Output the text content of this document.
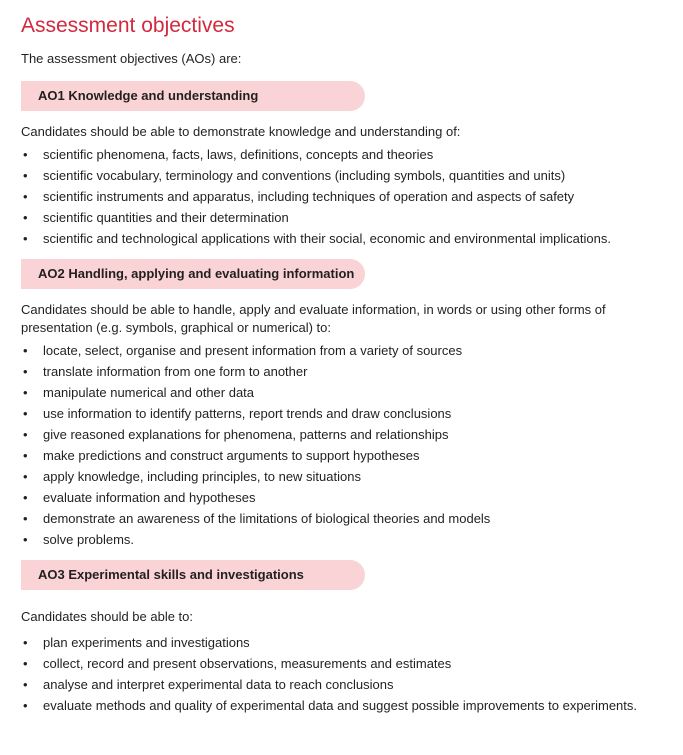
Assessment objectives

The assessment objectives (AOs) are:

AO1 Knowledge and understanding

Candidates should be able to demonstrate knowledge and understanding of:

• scientific phenomena, facts, laws, definitions, concepts and theories
• scientific vocabulary, terminology and conventions (including symbols, quantities and units)
• scientific instruments and apparatus, including techniques of operation and aspects of safety
• scientific quantities and their determination
• scientific and technological applications with their social, economic and environmental implications.
AO2 Handling, applying and evaluating information

Candidates should be able to handle, apply and evaluate information, in words or using other forms of presentation (e.g. symbols, graphical or numerical) to:

• locate, select, organise and present information from a variety of sources
• translate information from one form to another
• manipulate numerical and other data
• use information to identify patterns, report trends and draw conclusions
• give reasoned explanations for phenomena, patterns and relationships
• make predictions and construct arguments to support hypotheses
• apply knowledge, including principles, to new situations
• evaluate information and hypotheses
• demonstrate an awareness of the limitations of biological theories and models
• solve problems.
AO3 Experimental skills and investigations

Candidates should be able to:

• plan experiments and investigations
• collect, record and present observations, measurements and estimates
• analyse and interpret experimental data to reach conclusions
• evaluate methods and quality of experimental data and suggest possible improvements to experiments.
